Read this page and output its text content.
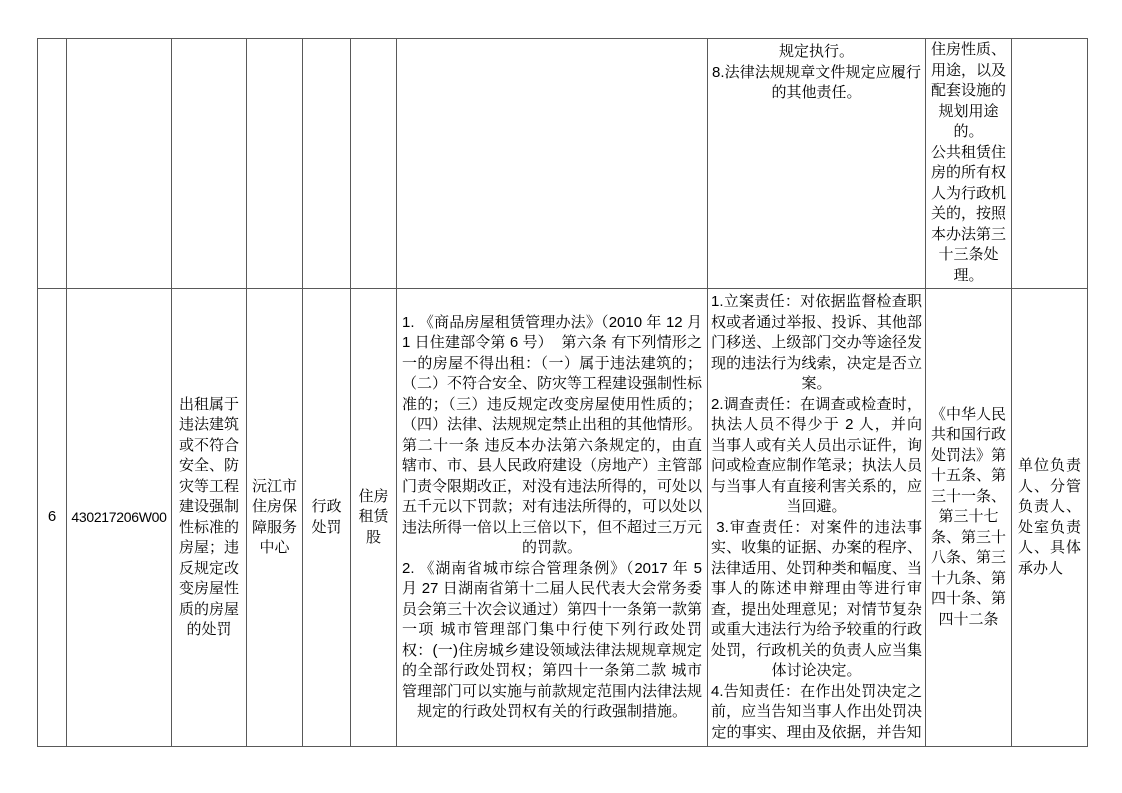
规定执行。

8.法律法规规章文件规定应履行的其他责任。

住房性质、用途，以及配套设施的规划用途的。

公共租赁住房的所有权人为行政机关的，按照本办法第三十三条处理。

6	430217206W00

出租属于违法建筑或不符合安全、防灾等工程建设强制性标准的房屋；违反规定改变房屋性质的房屋的处罚

沅江市住房保障服务中心

行政处罚

住房租赁股

1. 《商品房屋租赁管理办法》（2010 年 12 月 1 日住建部令第 6 号）  第六条 有下列情形之一的房屋不得出租：（一）属于违法建筑的；（二）不符合安全、防灾等工程建设强制性标准的；（三）违反规定改变房屋使用性质的；（四）法律、法规规定禁止出租的其他情形。 第二十一条 违反本办法第六条规定的，由直辖市、市、县人民政府建设（房地产）主管部门责令限期改正，对没有违法所得的，可处以五千元以下罚款；对有违法所得的，可以处以违法所得一倍以上三倍以下，但不超过三万元的罚款。

2. 《湖南省城市综合管理条例》（2017 年 5 月 27 日湖南省第十二届人民代表大会常务委员会第三十次会议通过）第四十一条第一款第一项 城市管理部门集中行使下列行政处罚权：(一)住房城乡建设领域法律法规规章规定的全部行政处罚权；第四十一条第二款 城市管理部门可以实施与前款规定范围内法律法规规定的行政处罚权有关的行政强制措施。

1.立案责任：对依据监督检查职权或者通过举报、投诉、其他部门移送、上级部门交办等途径发现的违法行为线索，决定是否立案。

2.调查责任：在调查或检查时，执法人员不得少于 2 人，并向当事人或有关人员出示证件，询问或检查应制作笔录；执法人员与当事人有直接利害关系的，应当回避。

3.审查责任：对案件的违法事实、收集的证据、办案的程序、法律适用、处罚种类和幅度、当事人的陈述申辩理由等进行审查，提出处理意见；对情节复杂或重大违法行为给予较重的行政处罚，行政机关的负责人应当集体讨论决定。

4.告知责任：在作出处罚决定之前，应当告知当事人作出处罚决定的事实、理由及依据，并告知

《中华人民共和国行政处罚法》第十五条、第三十一条、第三十七条、第三十八条、第三十九条、第四十条、第四十二条

单位负责人、分管负责人、处室负责人、具体承办人
